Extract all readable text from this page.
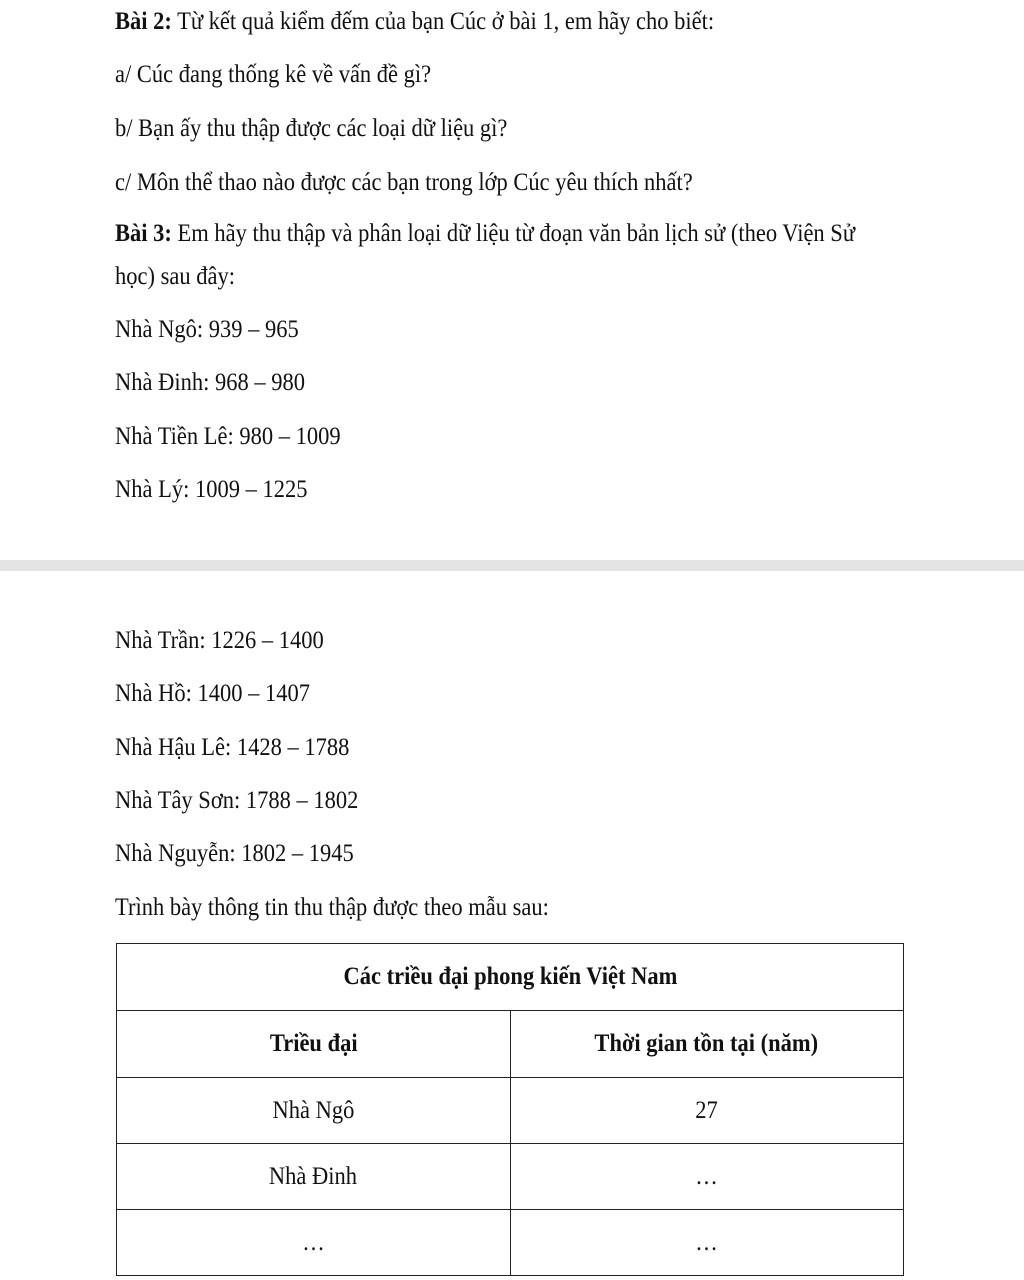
Bài 2: Từ kết quả kiểm đếm của bạn Cúc ở bài 1, em hãy cho biết:
a/ Cúc đang thống kê về vấn đề gì?
b/ Bạn ấy thu thập được các loại dữ liệu gì?
c/ Môn thể thao nào được các bạn trong lớp Cúc yêu thích nhất?
Bài 3: Em hãy thu thập và phân loại dữ liệu từ đoạn văn bản lịch sử (theo Viện Sử
học) sau đây:
Nhà Ngô: 939 – 965
Nhà Đinh: 968 – 980
Nhà Tiền Lê: 980 – 1009
Nhà Lý: 1009 – 1225
Nhà Trần: 1226 – 1400
Nhà Hồ: 1400 – 1407
Nhà Hậu Lê: 1428 – 1788
Nhà Tây Sơn: 1788 – 1802
Nhà Nguyễn: 1802 – 1945
Trình bày thông tin thu thập được theo mẫu sau:
Các triều đại phong kiến Việt Nam	
Triều đại	Thời gian tồn tại (năm)
Nhà Ngô	27
Nhà Đinh	…
…	…
